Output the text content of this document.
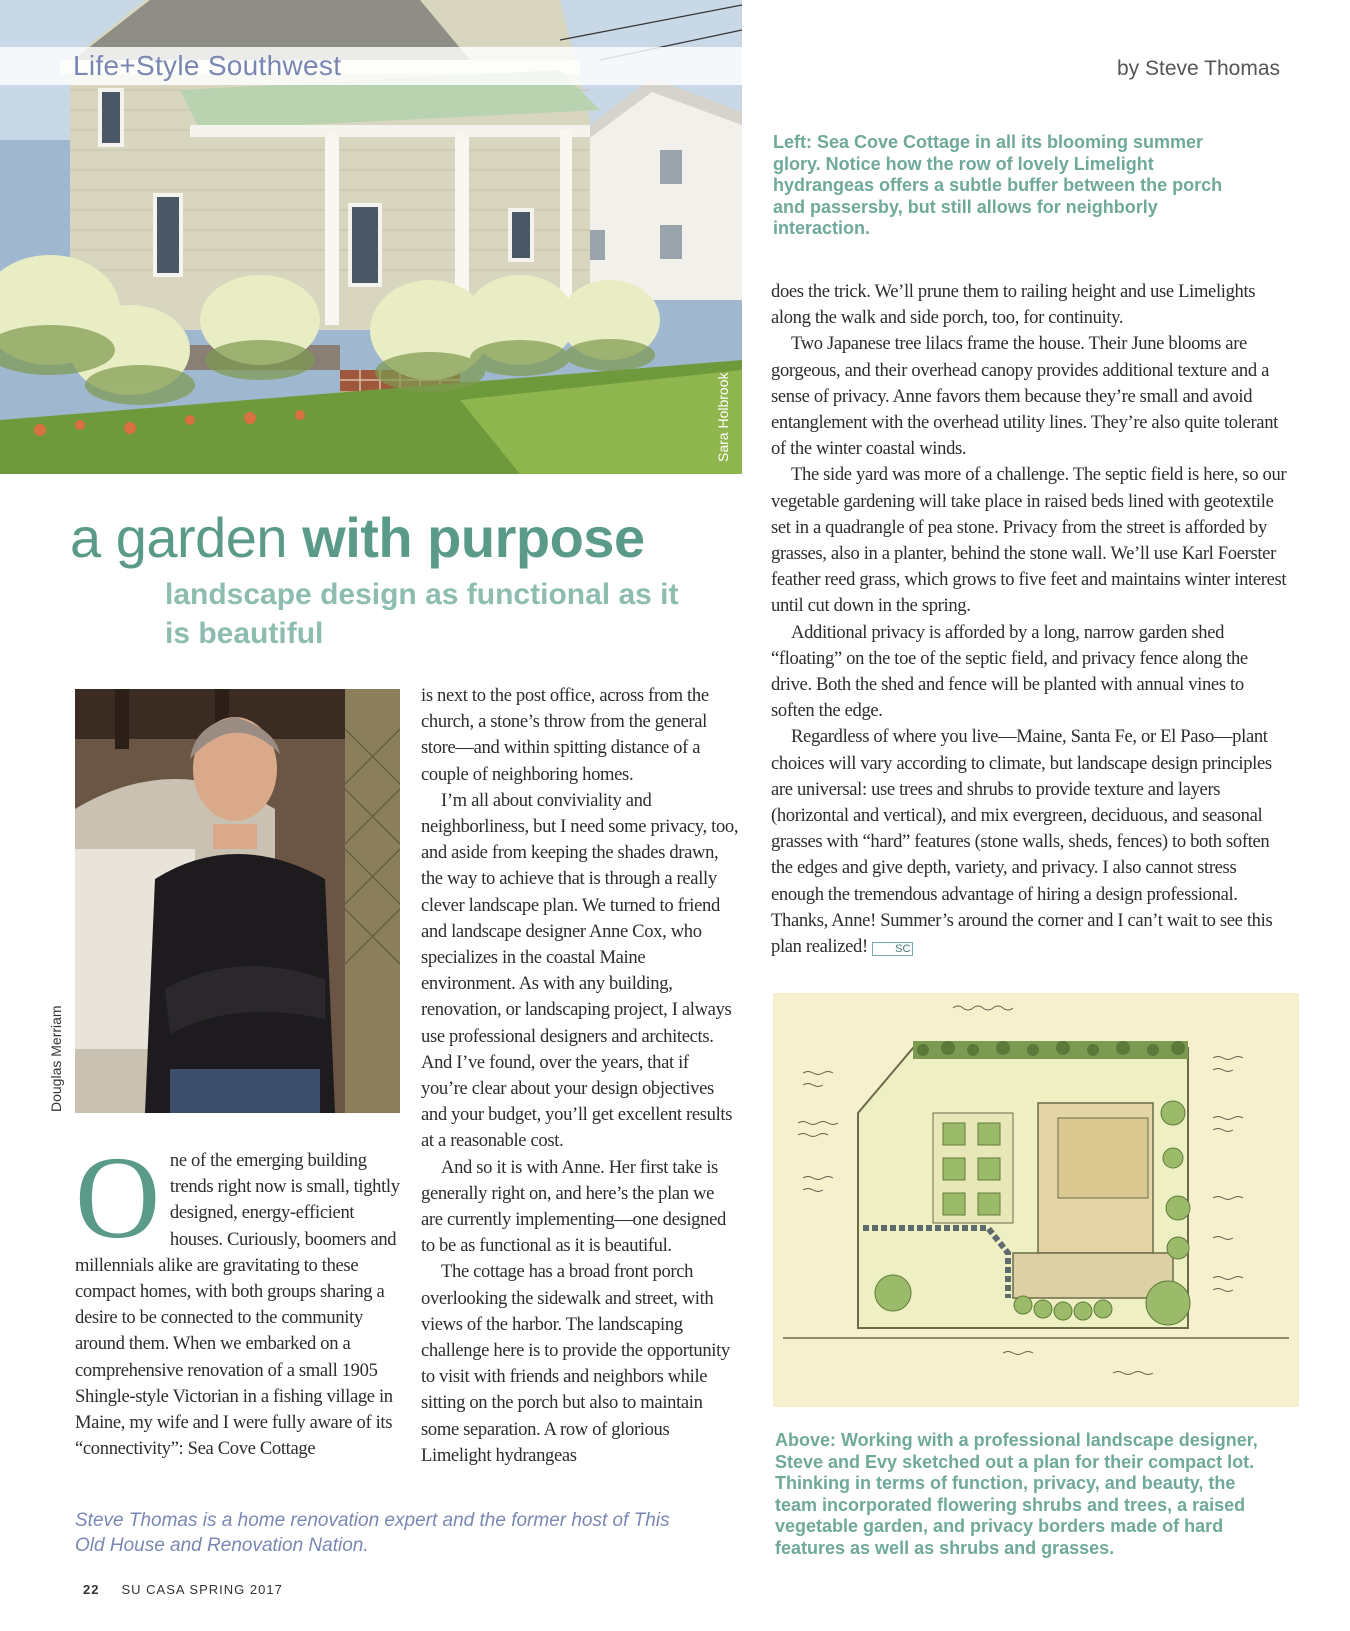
Life+Style Southwest
Sara Holbrook
by Steve Thomas
Left: Sea Cove Cottage in all its blooming summer glory. Notice how the row of lovely Limelight hydrangeas offers a subtle buffer between the porch and passersby, but still allows for neighborly interaction.
a garden with purpose
landscape design as functional as it is beautiful
Douglas Merriam

One of the emerging building trends right now is small, tightly designed, energy-efficient houses. Curiously, boomers and millennials alike are gravitating to these compact homes, with both groups sharing a desire to be connected to the community around them. When we embarked on a comprehensive renovation of a small 1905 Shingle-style Victorian in a fishing village in Maine, my wife and I were fully aware of its “connectivity”: Sea Cove Cottage

is next to the post office, across from the church, a stone’s throw from the general store—and within spitting distance of a couple of neighboring homes.

I’m all about conviviality and neighborliness, but I need some privacy, too, and aside from keeping the shades drawn, the way to achieve that is through a really clever landscape plan. We turned to friend and landscape designer Anne Cox, who specializes in the coastal Maine environment. As with any building, renovation, or landscaping project, I always use professional designers and architects. And I’ve found, over the years, that if you’re clear about your design objectives and your budget, you’ll get excellent results at a reasonable cost.

And so it is with Anne. Her first take is generally right on, and here’s the plan we are currently implementing—one designed to be as functional as it is beautiful.

The cottage has a broad front porch overlooking the sidewalk and street, with views of the harbor. The landscaping challenge here is to provide the opportunity to visit with friends and neighbors while sitting on the porch but also to maintain some separation. A row of glorious Limelight hydrangeas

does the trick. We’ll prune them to railing height and use Limelights along the walk and side porch, too, for continuity.

Two Japanese tree lilacs frame the house. Their June blooms are gorgeous, and their overhead canopy provides additional texture and a sense of privacy. Anne favors them because they’re small and avoid entanglement with the overhead utility lines. They’re also quite tolerant of the winter coastal winds.

The side yard was more of a challenge. The septic field is here, so our vegetable gardening will take place in raised beds lined with geotextile set in a quadrangle of pea stone. Privacy from the street is afforded by grasses, also in a planter, behind the stone wall. We’ll use Karl Foerster feather reed grass, which grows to five feet and maintains winter interest until cut down in the spring.

Additional privacy is afforded by a long, narrow garden shed “floating” on the toe of the septic field, and privacy fence along the drive. Both the shed and fence will be planted with annual vines to soften the edge.

Regardless of where you live—Maine, Santa Fe, or El Paso—plant choices will vary according to climate, but landscape design principles are universal: use trees and shrubs to provide texture and layers (horizontal and vertical), and mix evergreen, deciduous, and seasonal grasses with “hard” features (stone walls, sheds, fences) to both soften the edges and give depth, variety, and privacy. I also cannot stress enough the tremendous advantage of hiring a design professional. Thanks, Anne! Summer’s around the corner and I can’t wait to see this plan realized! SC

Above: Working with a professional landscape designer, Steve and Evy sketched out a plan for their compact lot. Thinking in terms of function, privacy, and beauty, the team incorporated flowering shrubs and trees, a raised vegetable garden, and privacy borders made of hard features as well as shrubs and grasses.
Steve Thomas is a home renovation expert and the former host of This Old House and Renovation Nation.
22 SU CASA SPRING 2017
